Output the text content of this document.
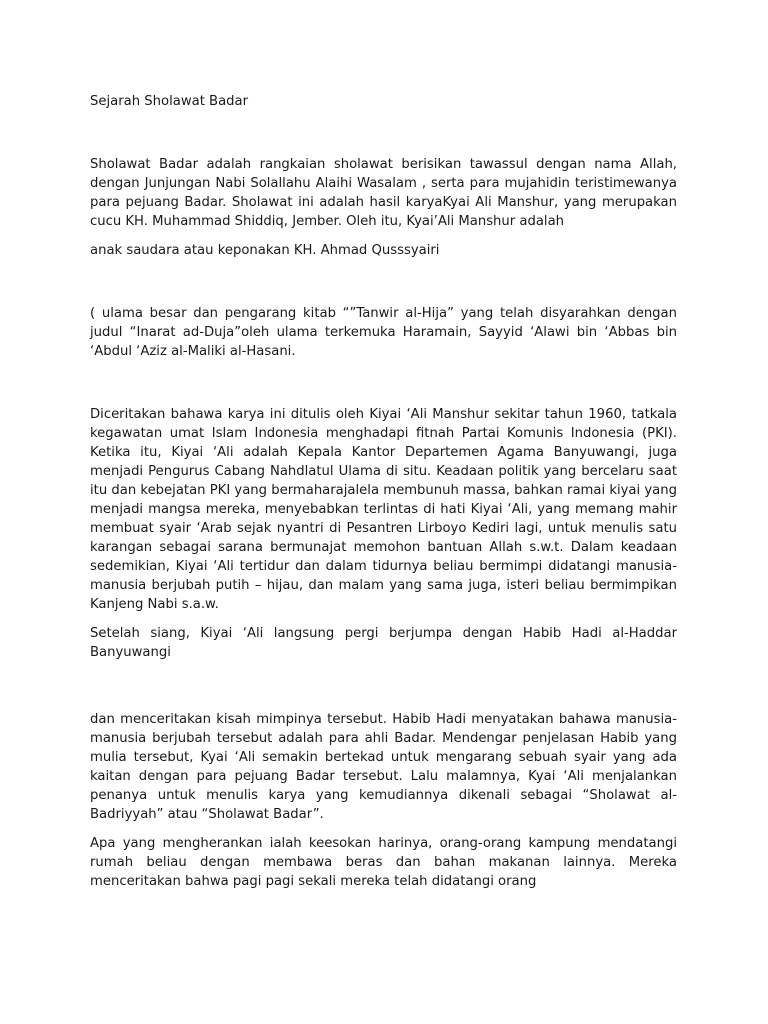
Sejarah Sholawat Badar

Sholawat Badar adalah rangkaian sholawat berisikan tawassul dengan nama Allah, dengan Junjungan Nabi Solallahu Alaihi Wasalam , serta para mujahidin teristimewanya para pejuang Badar. Sholawat ini adalah hasil karyaKyai Ali Manshur, yang merupakan cucu KH. Muhammad Shiddiq, Jember. Oleh itu, Kyai’Ali Manshur adalah

anak saudara atau keponakan KH. Ahmad Qusssyairi

( ulama besar dan pengarang kitab “”Tanwir al-Hija” yang telah disyarahkan dengan judul “Inarat ad-Duja”oleh ulama terkemuka Haramain, Sayyid ‘Alawi bin ‘Abbas bin ‘Abdul ‘Aziz al-Maliki al-Hasani.

Diceritakan bahawa karya ini ditulis oleh Kiyai ‘Ali Manshur sekitar tahun 1960, tatkala kegawatan umat Islam Indonesia menghadapi fitnah Partai Komunis Indonesia (PKI). Ketika itu, Kiyai ‘Ali adalah Kepala Kantor Departemen Agama Banyuwangi, juga menjadi Pengurus Cabang Nahdlatul Ulama di situ. Keadaan politik yang bercelaru saat itu dan kebejatan PKI yang bermaharajalela membunuh massa, bahkan ramai kiyai yang menjadi mangsa mereka, menyebabkan terlintas di hati Kiyai ‘Ali, yang memang mahir membuat syair ‘Arab sejak nyantri di Pesantren Lirboyo Kediri lagi, untuk menulis satu karangan sebagai sarana bermunajat memohon bantuan Allah s.w.t. Dalam keadaan sedemikian, Kiyai ‘Ali tertidur dan dalam tidurnya beliau bermimpi didatangi manusia-manusia berjubah putih – hijau, dan malam yang sama juga, isteri beliau bermimpikan Kanjeng Nabi s.a.w.

Setelah siang, Kiyai ‘Ali langsung pergi berjumpa dengan Habib Hadi al-Haddar Banyuwangi

dan menceritakan kisah mimpinya tersebut. Habib Hadi menyatakan bahawa manusia-manusia berjubah tersebut adalah para ahli Badar. Mendengar penjelasan Habib yang mulia tersebut, Kyai ‘Ali semakin bertekad untuk mengarang sebuah syair yang ada kaitan dengan para pejuang Badar tersebut. Lalu malamnya, Kyai ‘Ali menjalankan penanya untuk menulis karya yang kemudiannya dikenali sebagai “Sholawat al-Badriyyah” atau “Sholawat Badar”.

Apa yang mengherankan ialah keesokan harinya, orang-orang kampung mendatangi rumah beliau dengan membawa beras dan bahan makanan lainnya. Mereka menceritakan bahwa pagi pagi sekali mereka telah didatangi orang
